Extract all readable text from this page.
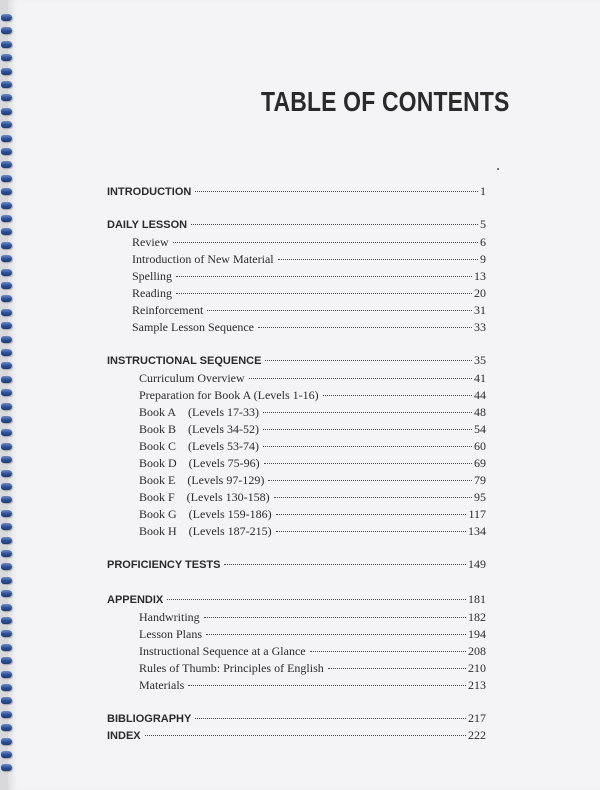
TABLE OF CONTENTS
INTRODUCTION	1
DAILY LESSON	5
Review	6
Introduction of New Material	9
Spelling	13
Reading	20
Reinforcement	31
Sample Lesson Sequence	33
INSTRUCTIONAL SEQUENCE	35
Curriculum Overview	41
Preparation for Book A (Levels 1-16)	44
Book A    (Levels 17-33)	48
Book B    (Levels 34-52)	54
Book C    (Levels 53-74)	60
Book D    (Levels 75-96)	69
Book E    (Levels 97-129)	79
Book F    (Levels 130-158)	95
Book G    (Levels 159-186)	117
Book H    (Levels 187-215)	134
PROFICIENCY TESTS	149
APPENDIX	181
Handwriting	182
Lesson Plans	194
Instructional Sequence at a Glance	208
Rules of Thumb: Principles of English	210
Materials	213
BIBLIOGRAPHY	217
INDEX	222
